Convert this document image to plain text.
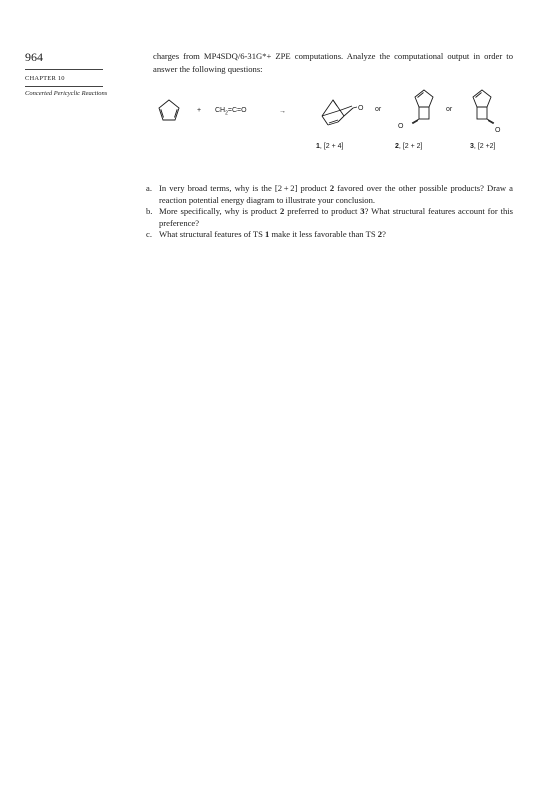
964
CHAPTER 10
Concerted Pericyclic Reactions
charges from MP4SDQ/6-31G*+ ZPE computations. Analyze the computational output in order to answer the following questions:
+ $CH_2=C=O$	→	O or
O
or
O
1, [2 + 4]	2, [2 + 2]	3, [2 +2]
a. In very broad terms, why is the [2 + 2] product 2 favored over the other possible products? Draw a reaction potential energy diagram to illustrate your conclusion.
b. More specifically, why is product 2 preferred to product 3? What structural features account for this preference?
c. What structural features of TS 1 make it less favorable than TS 2?
